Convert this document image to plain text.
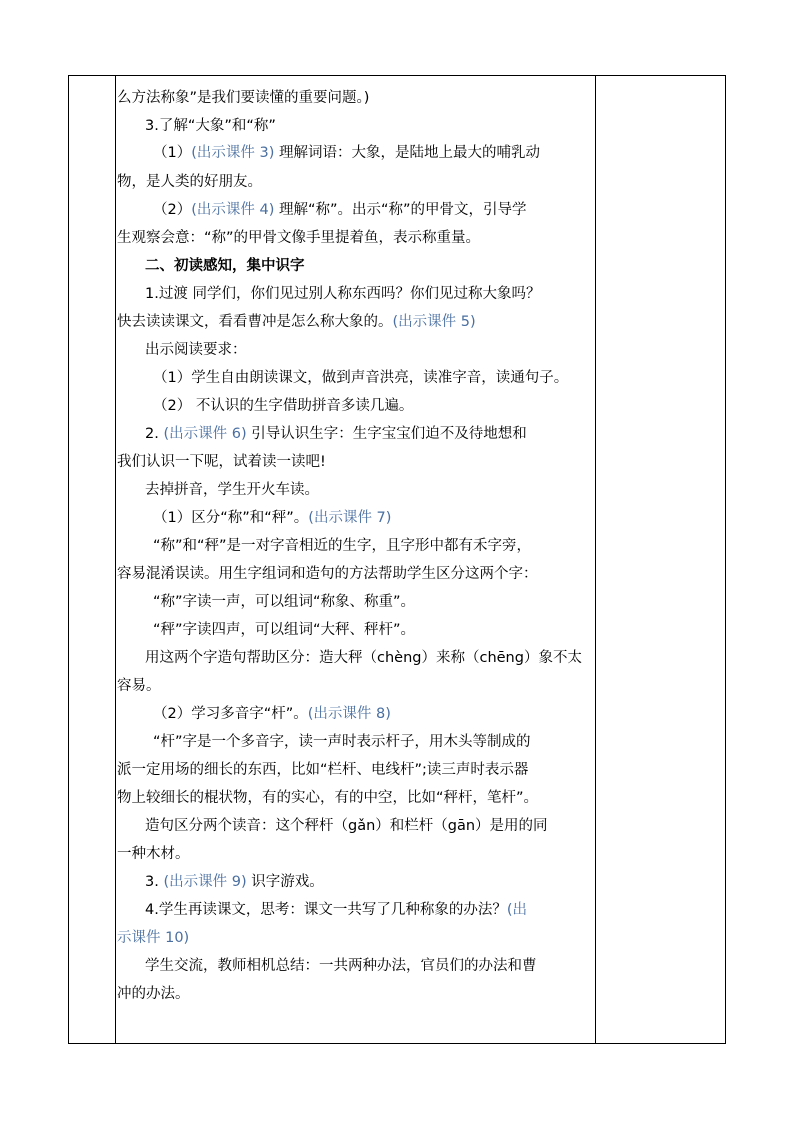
么方法称象”是我们要读懂的重要问题。)
3.了解“大象”和“称”
（1）(出示课件 3) 理解词语：大象，是陆地上最大的哺乳动
物，是人类的好朋友。
（2）(出示课件 4) 理解“称”。出示“称”的甲骨文，引导学
生观察会意：“称”的甲骨文像手里提着鱼，表示称重量。
二、初读感知，集中识字
1.过渡 同学们，你们见过别人称东西吗？你们见过称大象吗？
快去读读课文，看看曹冲是怎么称大象的。(出示课件 5)
出示阅读要求：
（1）学生自由朗读课文，做到声音洪亮，读准字音，读通句子。
（2） 不认识的生字借助拼音多读几遍。
2. (出示课件 6) 引导认识生字：生字宝宝们迫不及待地想和
我们认识一下呢，试着读一读吧!
去掉拼音，学生开火车读。
（1）区分“称”和“秤”。(出示课件 7)
“称”和“秤”是一对字音相近的生字，且字形中都有禾字旁，
容易混淆误读。用生字组词和造句的方法帮助学生区分这两个字：
“称”字读一声，可以组词“称象、称重”。
“秤”字读四声，可以组词“大秤、秤杆”。
用这两个字造句帮助区分：造大秤（chèng）来称（chēng）象不太
容易。
（2）学习多音字“杆”。(出示课件 8)
“杆”字是一个多音字，读一声时表示杆子，用木头等制成的
派一定用场的细长的东西，比如“栏杆、电线杆”;读三声时表示器
物上较细长的棍状物，有的实心，有的中空，比如“秤杆，笔杆”。
造句区分两个读音：这个秤杆（gǎn）和栏杆（gān）是用的同
一种木材。
3. (出示课件 9) 识字游戏。
4.学生再读课文，思考：课文一共写了几种称象的办法？(出
示课件 10)
学生交流，教师相机总结：一共两种办法，官员们的办法和曹
冲的办法。
